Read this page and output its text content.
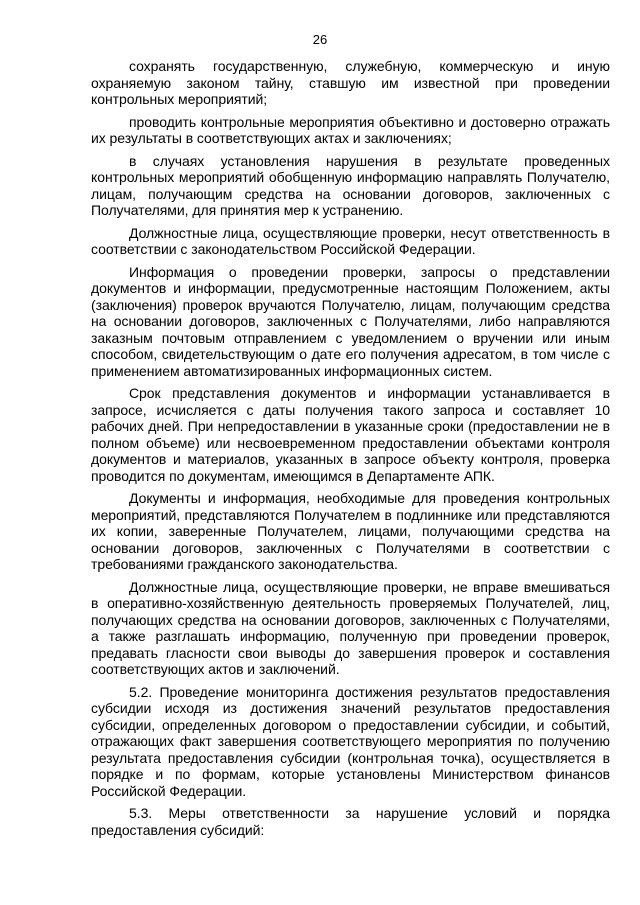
26

сохранять государственную, служебную, коммерческую и иную охраняемую законом тайну, ставшую им известной при проведении контрольных мероприятий;

проводить контрольные мероприятия объективно и достоверно отражать их результаты в соответствующих актах и заключениях;

в случаях установления нарушения в результате проведенных контрольных мероприятий обобщенную информацию направлять Получателю, лицам, получающим средства на основании договоров, заключенных с Получателями, для принятия мер к устранению.

Должностные лица, осуществляющие проверки, несут ответственность в соответствии с законодательством Российской Федерации.

Информация о проведении проверки, запросы о представлении документов и информации, предусмотренные настоящим Положением, акты (заключения) проверок вручаются Получателю, лицам, получающим средства на основании договоров, заключенных с Получателями, либо направляются заказным почтовым отправлением с уведомлением о вручении или иным способом, свидетельствующим о дате его получения адресатом, в том числе с применением автоматизированных информационных систем.

Срок представления документов и информации устанавливается в запросе, исчисляется с даты получения такого запроса и составляет 10 рабочих дней. При непредоставлении в указанные сроки (предоставлении не в полном объеме) или несвоевременном предоставлении объектами контроля документов и материалов, указанных в запросе объекту контроля, проверка проводится по документам, имеющимся в Департаменте АПК.

Документы и информация, необходимые для проведения контрольных мероприятий, представляются Получателем в подлиннике или представляются их копии, заверенные Получателем, лицами, получающими средства на основании договоров, заключенных с Получателями в соответствии с требованиями гражданского законодательства.

Должностные лица, осуществляющие проверки, не вправе вмешиваться в оперативно-хозяйственную деятельность проверяемых Получателей, лиц, получающих средства на основании договоров, заключенных с Получателями, а также разглашать информацию, полученную при проведении проверок, предавать гласности свои выводы до завершения проверок и составления соответствующих актов и заключений.

5.2. Проведение мониторинга достижения результатов предоставления субсидии исходя из достижения значений результатов предоставления субсидии, определенных договором о предоставлении субсидии, и событий, отражающих факт завершения соответствующего мероприятия по получению результата предоставления субсидии (контрольная точка), осуществляется в порядке и по формам, которые установлены Министерством финансов Российской Федерации.

5.3. Меры ответственности за нарушение условий и порядка предоставления субсидий:
